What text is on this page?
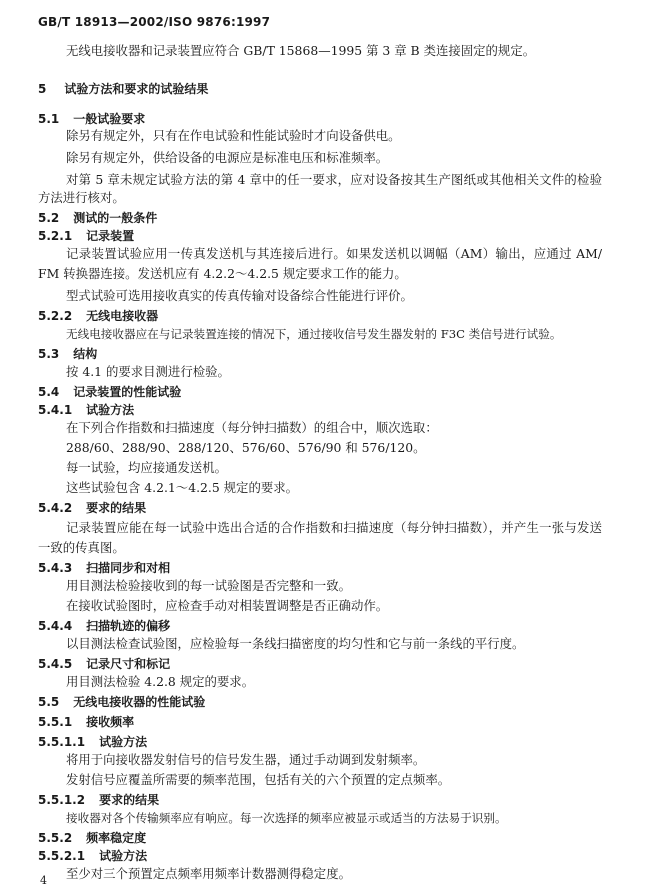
GB/T 18913—2002/ISO 9876:1997
无线电接收器和记录装置应符合 GB/T 15868—1995 第 3 章 B 类连接固定的规定。
5 试验方法和要求的试验结果
5.1 一般试验要求
除另有规定外，只有在作电试验和性能试验时才向设备供电。
除另有规定外，供给设备的电源应是标准电压和标准频率。
对第 5 章未规定试验方法的第 4 章中的任一要求，应对设备按其生产图纸或其他相关文件的检验
方法进行核对。
5.2 测试的一般条件
5.2.1 记录装置
记录装置试验应用一传真发送机与其连接后进行。如果发送机以调幅（AM）输出，应通过 AM/
FM 转换器连接。发送机应有 4.2.2～4.2.5 规定要求工作的能力。
型式试验可选用接收真实的传真传输对设备综合性能进行评价。
5.2.2 无线电接收器
无线电接收器应在与记录装置连接的情况下，通过接收信号发生器发射的 F3C 类信号进行试验。
5.3 结构
按 4.1 的要求目测进行检验。
5.4 记录装置的性能试验
5.4.1 试验方法
在下列合作指数和扫描速度（每分钟扫描数）的组合中，顺次选取：
288/60、288/90、288/120、576/60、576/90 和 576/120。
每一试验，均应接通发送机。
这些试验包含 4.2.1～4.2.5 规定的要求。
5.4.2 要求的结果
记录装置应能在每一试验中选出合适的合作指数和扫描速度（每分钟扫描数），并产生一张与发送
一致的传真图。
5.4.3 扫描同步和对相
用目测法检验接收到的每一试验图是否完整和一致。
在接收试验图时，应检查手动对相装置调整是否正确动作。
5.4.4 扫描轨迹的偏移
以目测法检查试验图，应检验每一条线扫描密度的均匀性和它与前一条线的平行度。
5.4.5 记录尺寸和标记
用目测法检验 4.2.8 规定的要求。
5.5 无线电接收器的性能试验
5.5.1 接收频率
5.5.1.1 试验方法
将用于向接收器发射信号的信号发生器，通过手动调到发射频率。
发射信号应覆盖所需要的频率范围，包括有关的六个预置的定点频率。
5.5.1.2 要求的结果
接收器对各个传输频率应有响应。每一次选择的频率应被显示或适当的方法易于识别。
5.5.2 频率稳定度
5.5.2.1 试验方法
至少对三个预置定点频率用频率计数器测得稳定度。
4
